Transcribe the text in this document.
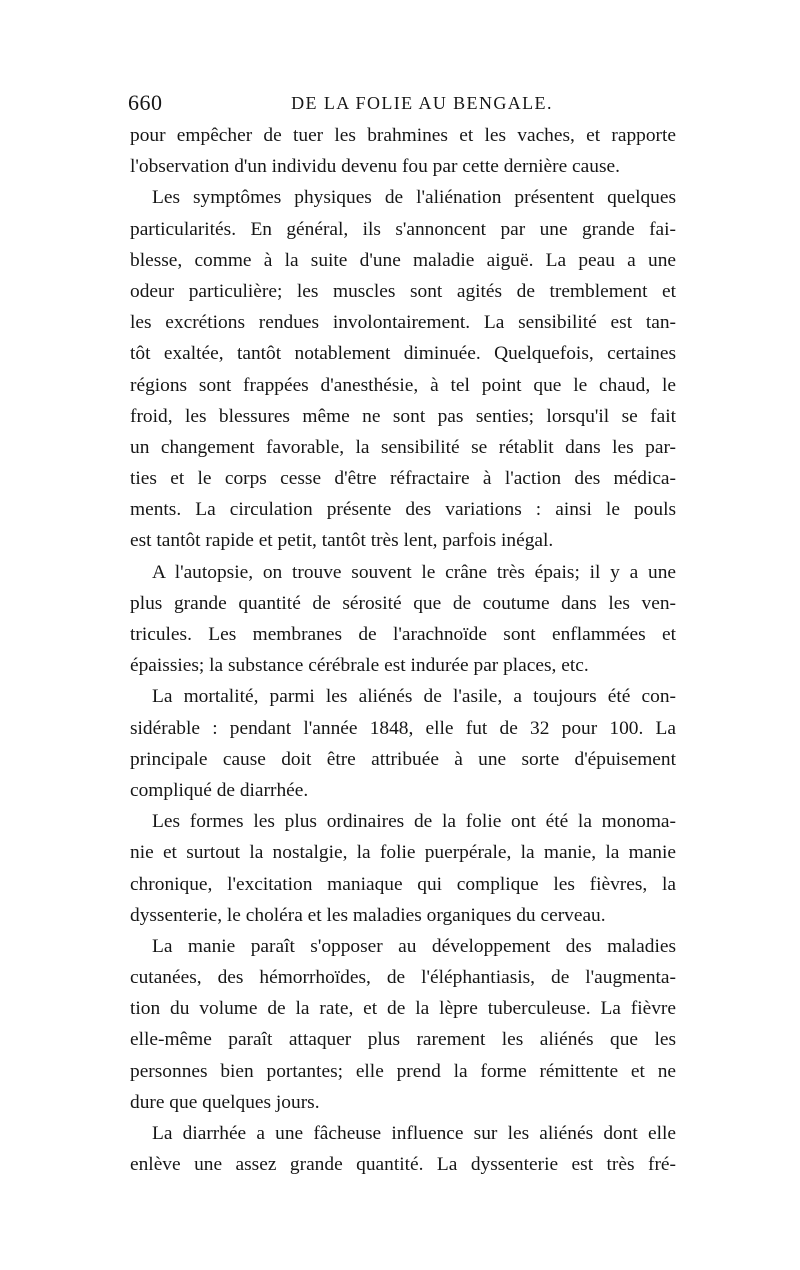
660	DE LA FOLIE AU BENGALE.
pour empêcher de tuer les brahmines et les vaches, et rapporte
l'observation d'un individu devenu fou par cette dernière cause.
Les symptômes physiques de l'aliénation présentent quelques
particularités. En général, ils s'annoncent par une grande fai-
blesse, comme à la suite d'une maladie aiguë. La peau a une
odeur particulière; les muscles sont agités de tremblement et
les excrétions rendues involontairement. La sensibilité est tan-
tôt exaltée, tantôt notablement diminuée. Quelquefois, certaines
régions sont frappées d'anesthésie, à tel point que le chaud, le
froid, les blessures même ne sont pas senties; lorsqu'il se fait
un changement favorable, la sensibilité se rétablit dans les par-
ties et le corps cesse d'être réfractaire à l'action des médica-
ments. La circulation présente des variations : ainsi le pouls
est tantôt rapide et petit, tantôt très lent, parfois inégal.
A l'autopsie, on trouve souvent le crâne très épais; il y a une
plus grande quantité de sérosité que de coutume dans les ven-
tricules. Les membranes de l'arachnoïde sont enflammées et
épaissies; la substance cérébrale est indurée par places, etc.
La mortalité, parmi les aliénés de l'asile, a toujours été con-
sidérable : pendant l'année 1848, elle fut de 32 pour 100. La
principale cause doit être attribuée à une sorte d'épuisement
compliqué de diarrhée.
Les formes les plus ordinaires de la folie ont été la monoma-
nie et surtout la nostalgie, la folie puerpérale, la manie, la manie
chronique, l'excitation maniaque qui complique les fièvres, la
dyssenterie, le choléra et les maladies organiques du cerveau.
La manie paraît s'opposer au développement des maladies
cutanées, des hémorrhoïdes, de l'éléphantiasis, de l'augmenta-
tion du volume de la rate, et de la lèpre tuberculeuse. La fièvre
elle-même paraît attaquer plus rarement les aliénés que les
personnes bien portantes; elle prend la forme rémittente et ne
dure que quelques jours.
La diarrhée a une fâcheuse influence sur les aliénés dont elle
enlève une assez grande quantité. La dyssenterie est très fré-
